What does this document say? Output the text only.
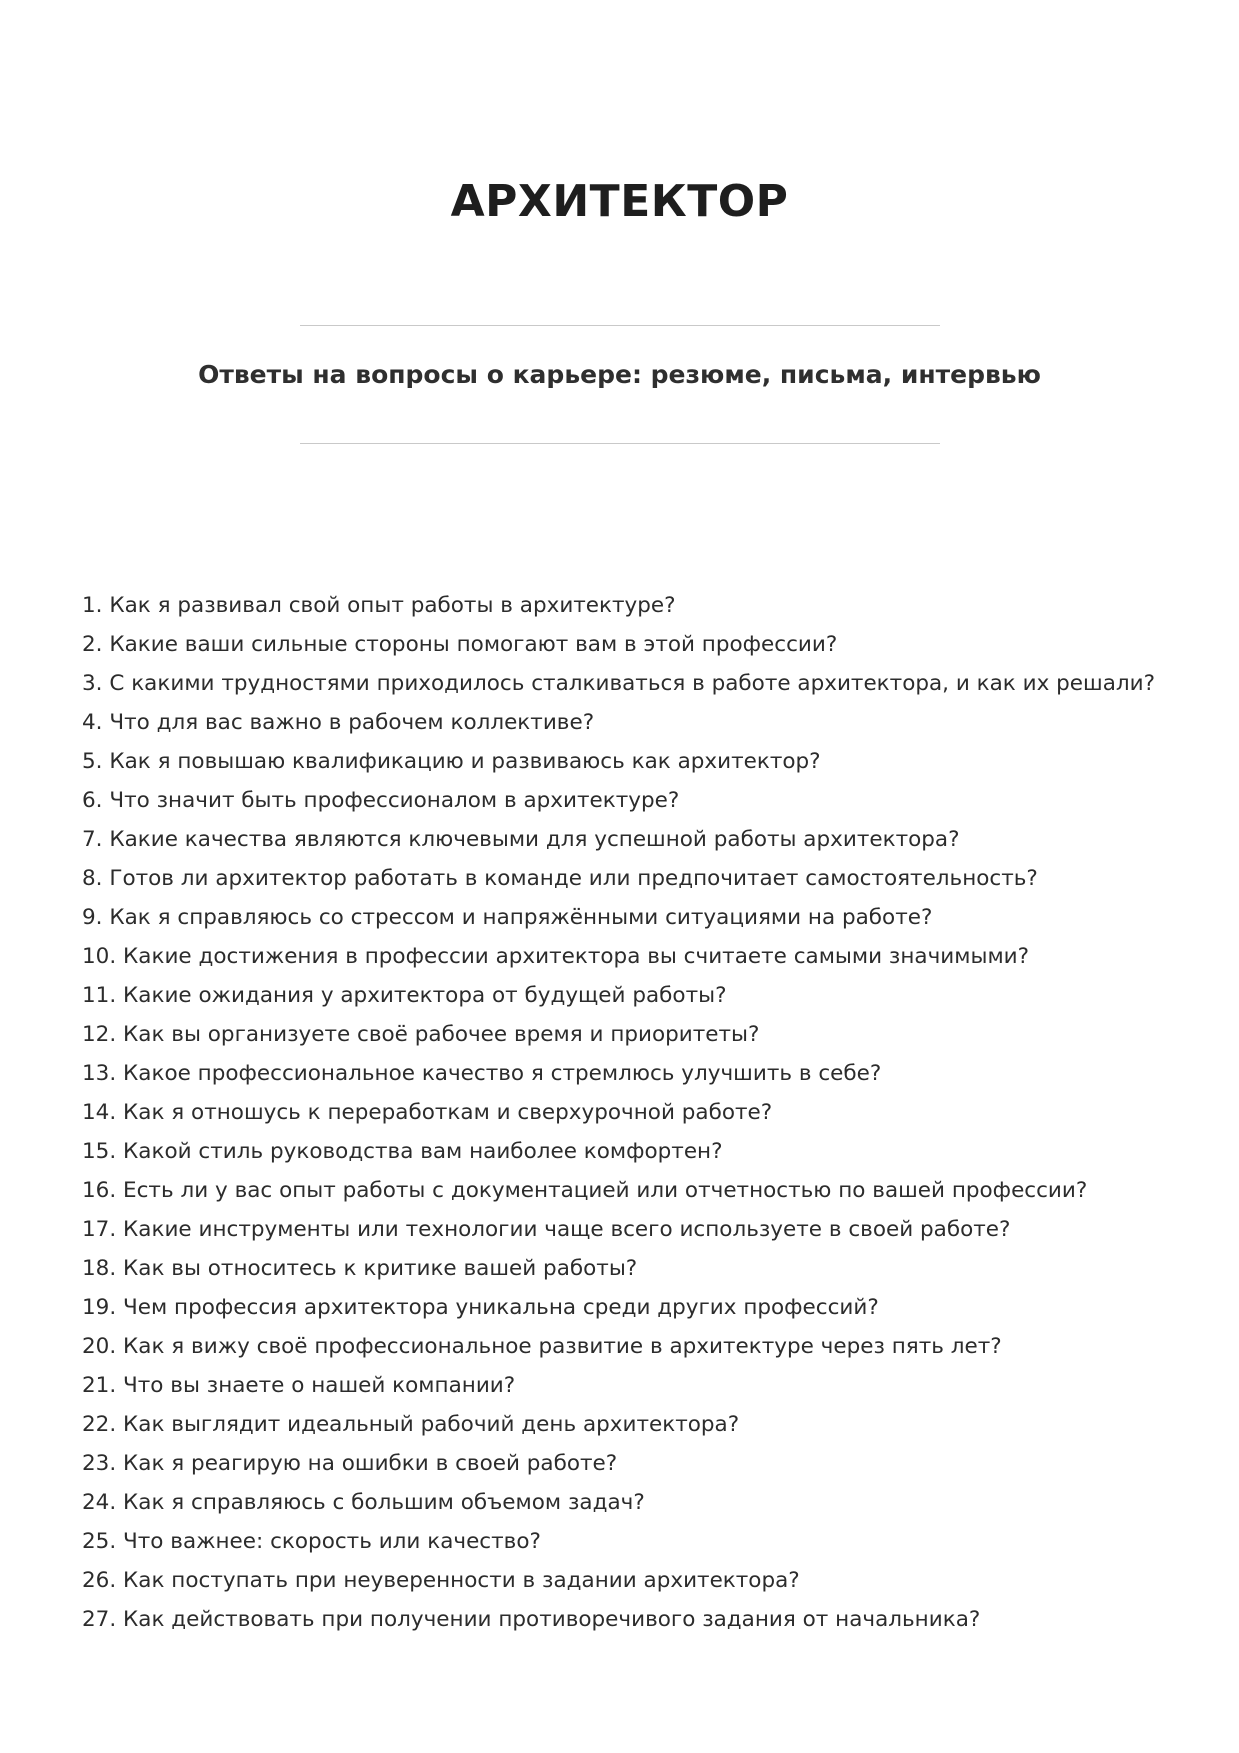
АРХИТЕКТОР
Ответы на вопросы о карьере: резюме, письма, интервью
1. Как я развивал свой опыт работы в архитектуре?
2. Какие ваши сильные стороны помогают вам в этой профессии?
3. С какими трудностями приходилось сталкиваться в работе архитектора, и как их решали?
4. Что для вас важно в рабочем коллективе?
5. Как я повышаю квалификацию и развиваюсь как архитектор?
6. Что значит быть профессионалом в архитектуре?
7. Какие качества являются ключевыми для успешной работы архитектора?
8. Готов ли архитектор работать в команде или предпочитает самостоятельность?
9. Как я справляюсь со стрессом и напряжёнными ситуациями на работе?
10. Какие достижения в профессии архитектора вы считаете самыми значимыми?
11. Какие ожидания у архитектора от будущей работы?
12. Как вы организуете своё рабочее время и приоритеты?
13. Какое профессиональное качество я стремлюсь улучшить в себе?
14. Как я отношусь к переработкам и сверхурочной работе?
15. Какой стиль руководства вам наиболее комфортен?
16. Есть ли у вас опыт работы с документацией или отчетностью по вашей профессии?
17. Какие инструменты или технологии чаще всего используете в своей работе?
18. Как вы относитесь к критике вашей работы?
19. Чем профессия архитектора уникальна среди других профессий?
20. Как я вижу своё профессиональное развитие в архитектуре через пять лет?
21. Что вы знаете о нашей компании?
22. Как выглядит идеальный рабочий день архитектора?
23. Как я реагирую на ошибки в своей работе?
24. Как я справляюсь с большим объемом задач?
25. Что важнее: скорость или качество?
26. Как поступать при неуверенности в задании архитектора?
27. Как действовать при получении противоречивого задания от начальника?
